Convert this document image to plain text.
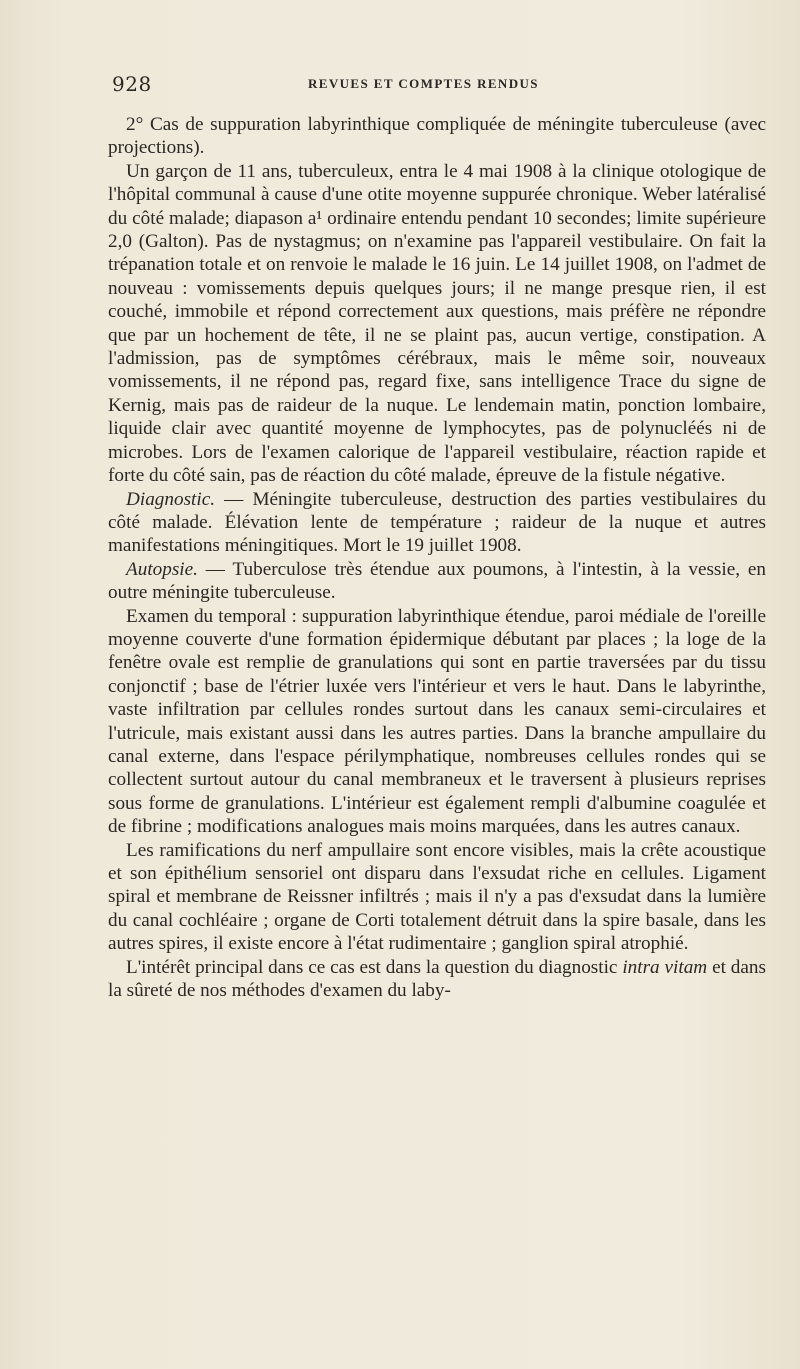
928	REVUES ET COMPTES RENDUS

2° Cas de suppuration labyrinthique compliquée de méningite tuberculeuse (avec projections).

Un garçon de 11 ans, tuberculeux, entra le 4 mai 1908 à la clinique otologique de l'hôpital communal à cause d'une otite moyenne suppurée chronique. Weber latéralisé du côté malade; diapason a¹ ordinaire entendu pendant 10 secondes; limite supérieure 2,0 (Galton). Pas de nystagmus; on n'examine pas l'appareil vestibulaire. On fait la trépanation totale et on renvoie le malade le 16 juin. Le 14 juillet 1908, on l'admet de nouveau : vomissements depuis quelques jours; il ne mange presque rien, il est couché, immobile et répond correctement aux questions, mais préfère ne répondre que par un hochement de tête, il ne se plaint pas, aucun vertige, constipation. A l'admission, pas de symptômes cérébraux, mais le même soir, nouveaux vomissements, il ne répond pas, regard fixe, sans intelligence Trace du signe de Kernig, mais pas de raideur de la nuque. Le lendemain matin, ponction lombaire, liquide clair avec quantité moyenne de lymphocytes, pas de polynucléés ni de microbes. Lors de l'examen calorique de l'appareil vestibulaire, réaction rapide et forte du côté sain, pas de réaction du côté malade, épreuve de la fistule négative.

Diagnostic. — Méningite tuberculeuse, destruction des parties vestibulaires du côté malade. Élévation lente de température ; raideur de la nuque et autres manifestations méningitiques. Mort le 19 juillet 1908.

Autopsie. — Tuberculose très étendue aux poumons, à l'intestin, à la vessie, en outre méningite tuberculeuse.

Examen du temporal : suppuration labyrinthique étendue, paroi médiale de l'oreille moyenne couverte d'une formation épidermique débutant par places ; la loge de la fenêtre ovale est remplie de granulations qui sont en partie traversées par du tissu conjonctif ; base de l'étrier luxée vers l'intérieur et vers le haut. Dans le labyrinthe, vaste infiltration par cellules rondes surtout dans les canaux semi-circulaires et l'utricule, mais existant aussi dans les autres parties. Dans la branche ampullaire du canal externe, dans l'espace périlymphatique, nombreuses cellules rondes qui se collectent surtout autour du canal membraneux et le traversent à plusieurs reprises sous forme de granulations. L'intérieur est également rempli d'albumine coagulée et de fibrine ; modifications analogues mais moins marquées, dans les autres canaux.

Les ramifications du nerf ampullaire sont encore visibles, mais la crête acoustique et son épithélium sensoriel ont disparu dans l'exsudat riche en cellules. Ligament spiral et membrane de Reissner infiltrés ; mais il n'y a pas d'exsudat dans la lumière du canal cochléaire ; organe de Corti totalement détruit dans la spire basale, dans les autres spires, il existe encore à l'état rudimentaire ; ganglion spiral atrophié.

L'intérêt principal dans ce cas est dans la question du diagnostic intra vitam et dans la sûreté de nos méthodes d'examen du laby-
